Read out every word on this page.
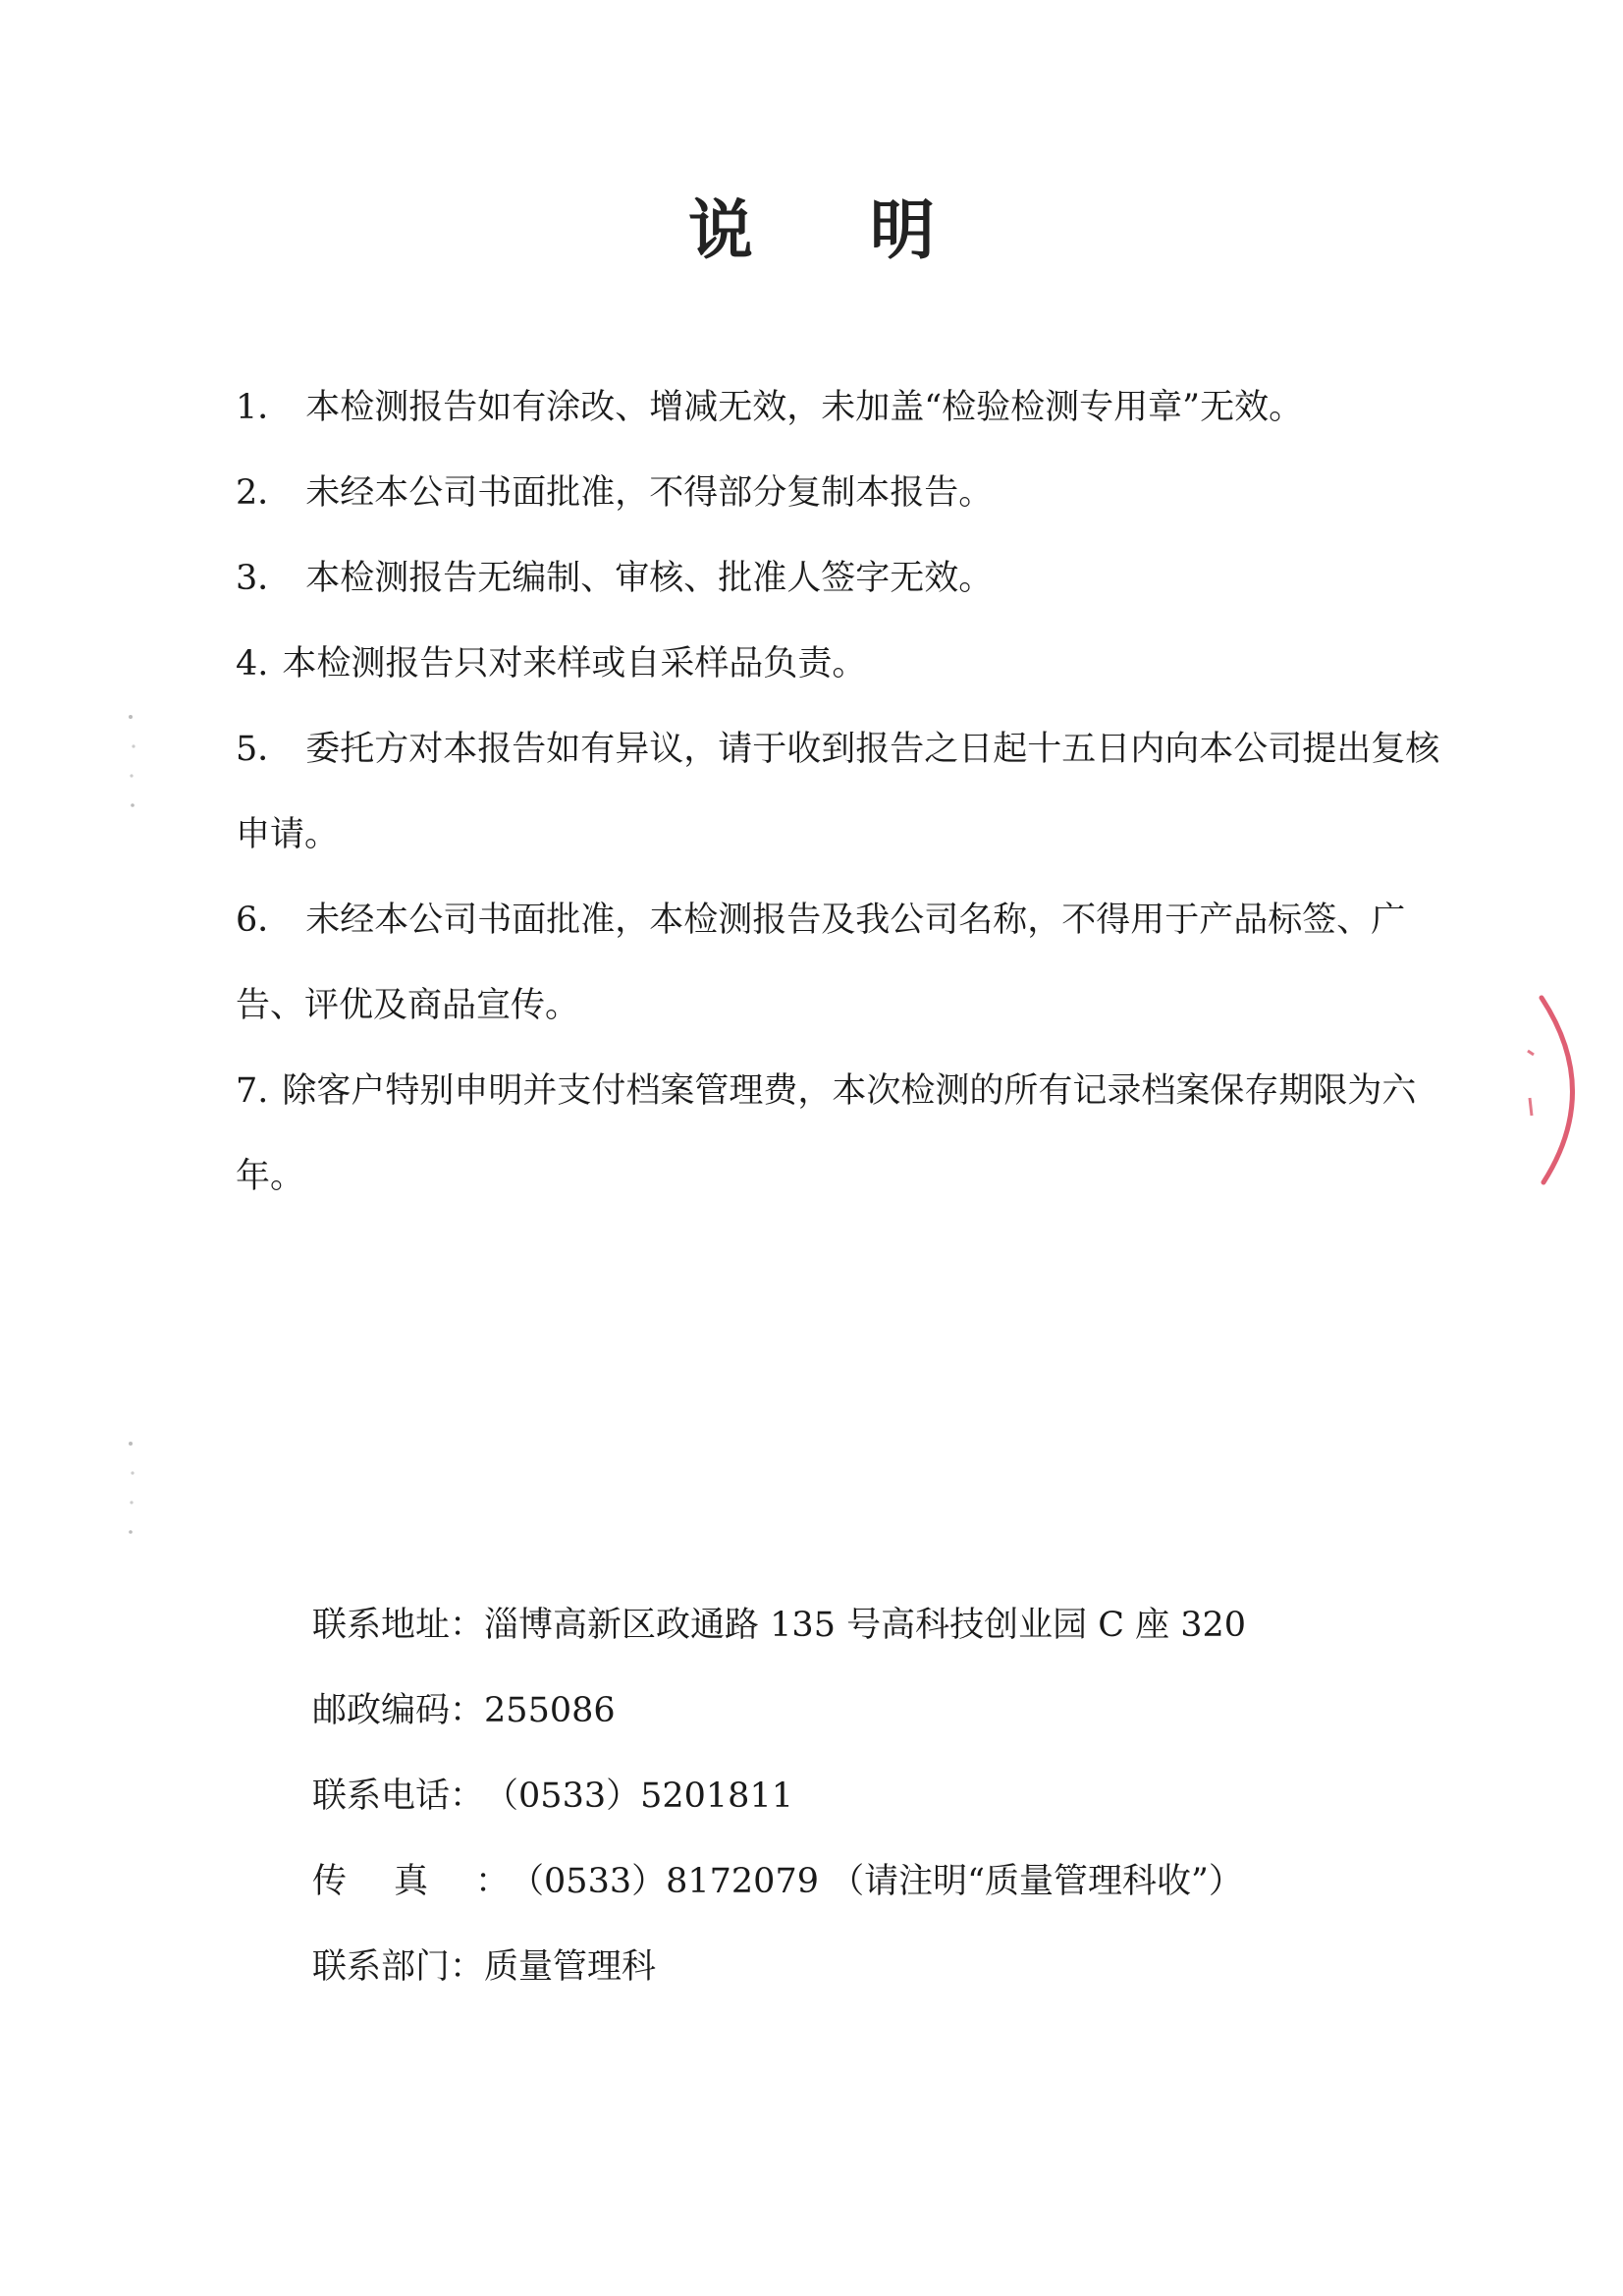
说 明
1． 本检测报告如有涂改、增减无效，未加盖“检验检测专用章”无效。
2． 未经本公司书面批准，不得部分复制本报告。
3． 本检测报告无编制、审核、批准人签字无效。
4. 本检测报告只对来样或自采样品负责。
5． 委托方对本报告如有异议，请于收到报告之日起十五日内向本公司提出复核申请。
6． 未经本公司书面批准，本检测报告及我公司名称，不得用于产品标签、广告、评优及商品宣传。
7. 除客户特别申明并支付档案管理费，本次检测的所有记录档案保存期限为六年。
联系地址：淄博高新区政通路 135 号高科技创业园 C 座 320
邮政编码：255086
联系电话：（0533）5201811
传真：（0533）8172079 （请注明“质量管理科收”）
联系部门：质量管理科
